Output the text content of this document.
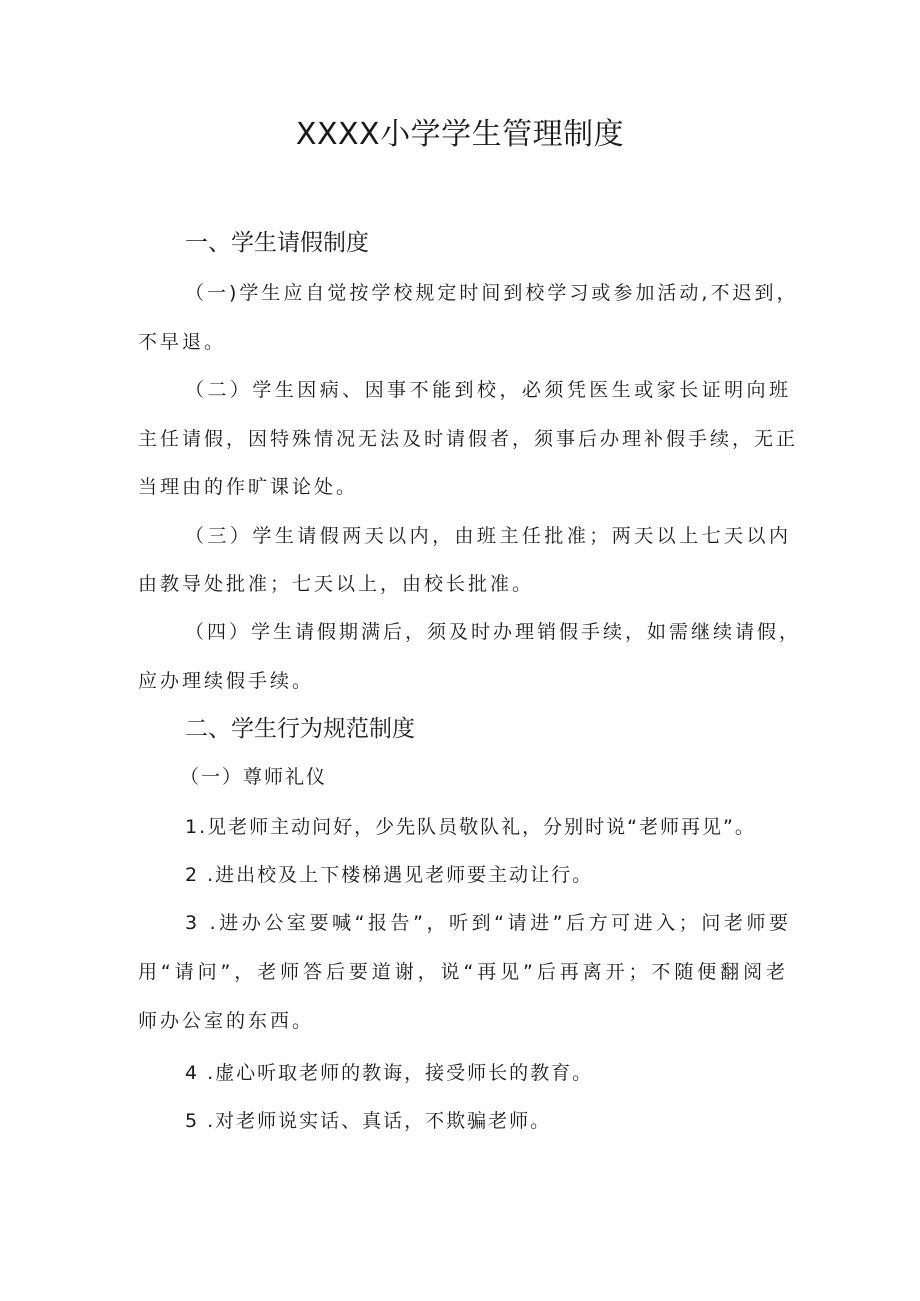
XXXX小学学生管理制度
一、学生请假制度
（一)学生应自觉按学校规定时间到校学习或参加活动,不迟到，
不早退。
（二）学生因病、因事不能到校，必须凭医生或家长证明向班
主任请假，因特殊情况无法及时请假者，须事后办理补假手续，无正
当理由的作旷课论处。
（三）学生请假两天以内，由班主任批准；两天以上七天以内
由教导处批准；七天以上，由校长批准。
（四）学生请假期满后，须及时办理销假手续，如需继续请假，
应办理续假手续。
二、学生行为规范制度
（一）尊师礼仪
1.见老师主动问好，少先队员敬队礼，分别时说“老师再见”。
2 .进出校及上下楼梯遇见老师要主动让行。
3 .进办公室要喊“报告”，听到“请进”后方可进入；问老师要
用“请问”，老师答后要道谢，说“再见”后再离开；不随便翻阅老
师办公室的东西。
4 .虚心听取老师的教诲，接受师长的教育。
5 .对老师说实话、真话，不欺骗老师。
